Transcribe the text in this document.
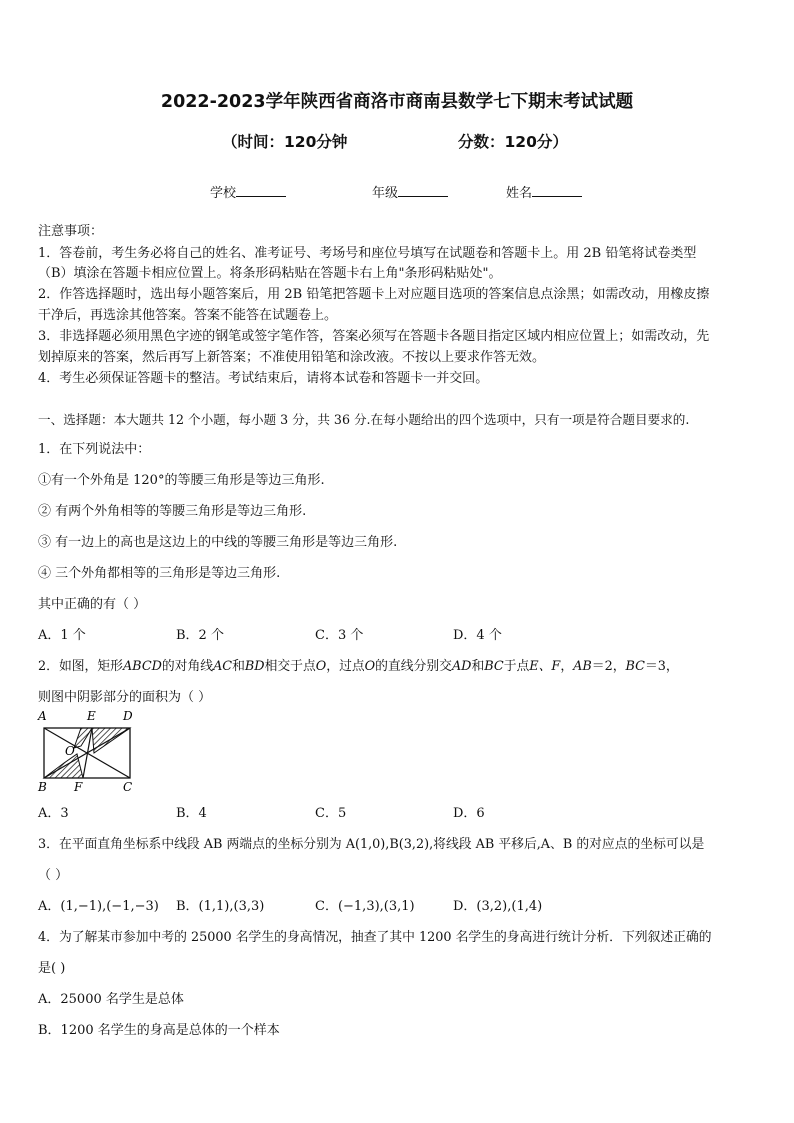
2022-2023学年陕西省商洛市商南县数学七下期末考试试题
（时间：120分钟	分数：120分）
学校	年级	姓名
注意事项：
1．答卷前，考生务必将自己的姓名、准考证号、考场号和座位号填写在试题卷和答题卡上。用 2B 铅笔将试卷类型
（B）填涂在答题卡相应位置上。将条形码粘贴在答题卡右上角"条形码粘贴处"。
2．作答选择题时，选出每小题答案后，用 2B 铅笔把答题卡上对应题目选项的答案信息点涂黑；如需改动，用橡皮擦
干净后，再选涂其他答案。答案不能答在试题卷上。
3．非选择题必须用黑色字迹的钢笔或签字笔作答，答案必须写在答题卡各题目指定区域内相应位置上；如需改动，先
划掉原来的答案，然后再写上新答案；不准使用铅笔和涂改液。不按以上要求作答无效。
4．考生必须保证答题卡的整洁。考试结束后，请将本试卷和答题卡一并交回。
一、选择题：本大题共 12 个小题，每小题 3 分，共 36 分.在每小题给出的四个选项中，只有一项是符合题目要求的.
1．在下列说法中：
①有一个外角是 120°的等腰三角形是等边三角形.
② 有两个外角相等的等腰三角形是等边三角形.
③ 有一边上的高也是这边上的中线的等腰三角形是等边三角形.
④ 三个外角都相等的三角形是等边三角形.
其中正确的有（ ）
A．1 个	B．2 个	C．3 个	D．4 个
2．如图，矩形ABCD的对角线AC和BD相交于点O，过点O的直线分别交AD和BC于点E、F，AB＝2，BC＝3，
则图中阴影部分的面积为（ ）
A	E D
O
B F	C
A．3	B．4	C．5	D．6
3．在平面直角坐标系中线段 AB 两端点的坐标分别为 A(1,0),B(3,2),将线段 AB 平移后,A、B 的对应点的坐标可以是
（ ）
A．(1,−1),(−1,−3) B．(1,1),(3,3)	C．(−1,3),(3,1)	D．(3,2),(1,4)
4．为了解某市参加中考的 25000 名学生的身高情况，抽查了其中 1200 名学生的身高进行统计分析．下列叙述正确的
是( )
A．25000 名学生是总体
B．1200 名学生的身高是总体的一个样本
